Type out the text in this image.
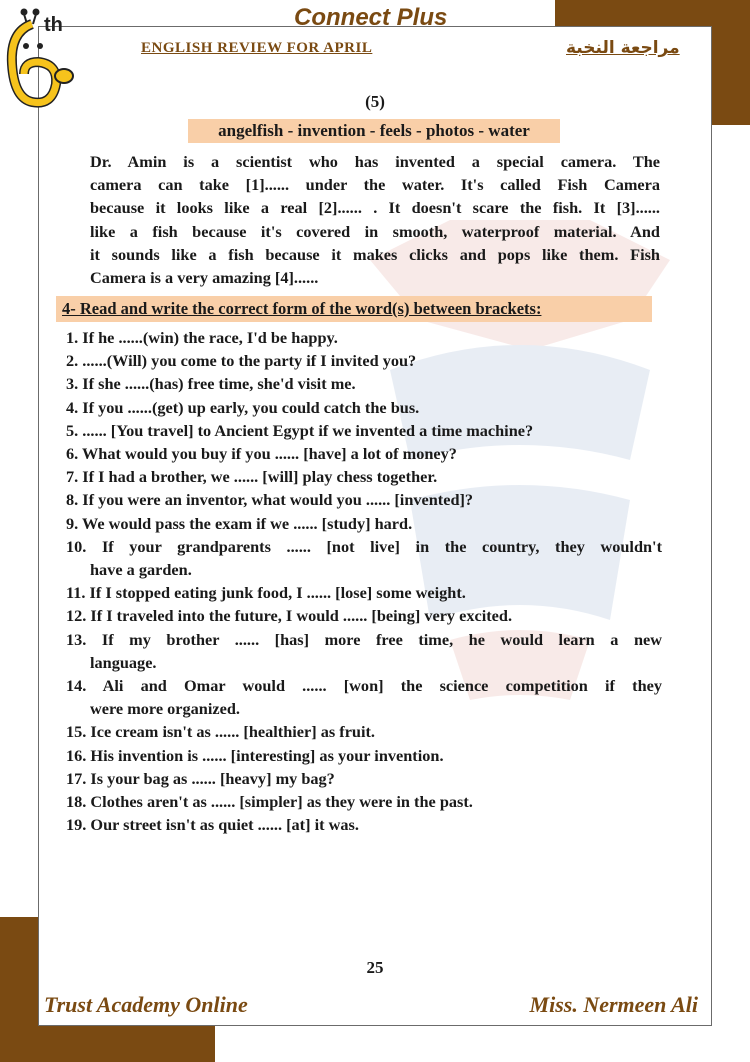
th	Connect Plus
ENGLISH REVIEW FOR APRIL	مراجعة النخبة
(5)
angelfish - invention - feels - photos - water
Dr. Amin is a scientist who has invented a special camera. The
camera can take [1]...... under the water. It's called Fish Camera
because it looks like a real [2]...... . It doesn't scare the fish. It [3]......
like a fish because it's covered in smooth, waterproof material. And
it sounds like a fish because it makes clicks and pops like them. Fish
Camera is a very amazing [4]......
4- Read and write the correct form of the word(s) between brackets:
1. If he ......(win) the race, I'd be happy.
2. ......(Will) you come to the party if I invited you?
3. If she ......(has) free time, she'd visit me.
4. If you ......(get) up early, you could catch the bus.
5. ...... [You travel] to Ancient Egypt if we invented a time machine?
6. What would you buy if you ...... [have] a lot of money?
7. If I had a brother, we ...... [will] play chess together.
8. If you were an inventor, what would you ...... [invented]?
9. We would pass the exam if we ...... [study] hard.
10. If your grandparents ...... [not live] in the country, they wouldn't
have a garden.
11. If I stopped eating junk food, I ...... [lose] some weight.
12. If I traveled into the future, I would ...... [being] very excited.
13. If my brother ...... [has] more free time, he would learn a new
language.
14. Ali and Omar would ...... [won] the science competition if they
were more organized.
15. Ice cream isn't as ...... [healthier] as fruit.
16. His invention is ...... [interesting] as your invention.
17. Is your bag as ...... [heavy] my bag?
18. Clothes aren't as ...... [simpler] as they were in the past.
19. Our street isn't as quiet ...... [at] it was.
25
Trust Academy Online	Miss. Nermeen Ali
